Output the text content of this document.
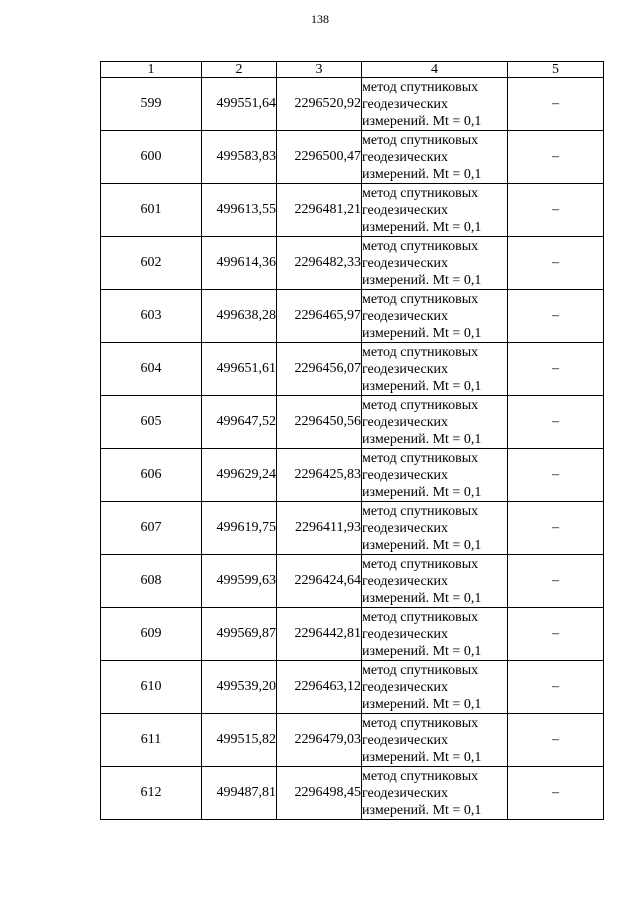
138
1	2	3	4	5
599	499551,64	2296520,92	метод спутниковых
геодезических
измерений. Mt = 0,1	–
600	499583,83	2296500,47	метод спутниковых
геодезических
измерений. Mt = 0,1	–
601	499613,55	2296481,21	метод спутниковых
геодезических
измерений. Mt = 0,1	–
602	499614,36	2296482,33	метод спутниковых
геодезических
измерений. Mt = 0,1	–
603	499638,28	2296465,97	метод спутниковых
геодезических
измерений. Mt = 0,1	–
604	499651,61	2296456,07	метод спутниковых
геодезических
измерений. Mt = 0,1	–
605	499647,52	2296450,56	метод спутниковых
геодезических
измерений. Mt = 0,1	–
606	499629,24	2296425,83	метод спутниковых
геодезических
измерений. Mt = 0,1	–
607	499619,75	2296411,93	метод спутниковых
геодезических
измерений. Mt = 0,1	–
608	499599,63	2296424,64	метод спутниковых
геодезических
измерений. Mt = 0,1	–
609	499569,87	2296442,81	метод спутниковых
геодезических
измерений. Mt = 0,1	–
610	499539,20	2296463,12	метод спутниковых
геодезических
измерений. Mt = 0,1	–
611	499515,82	2296479,03	метод спутниковых
геодезических
измерений. Mt = 0,1	–
612	499487,81	2296498,45	метод спутниковых
геодезических
измерений. Mt = 0,1	–
